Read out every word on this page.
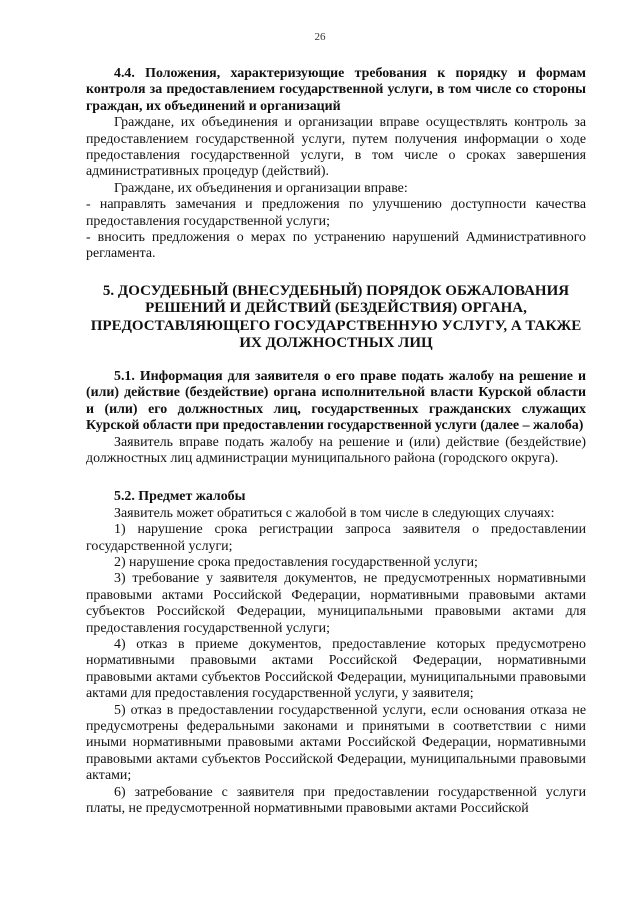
26

4.4. Положения, характеризующие требования к порядку и формам контроля за предоставлением государственной услуги, в том числе со стороны граждан, их объединений и организаций

Граждане, их объединения и организации вправе осуществлять контроль за предоставлением государственной услуги, путем получения информации о ходе предоставления государственной услуги, в том числе о сроках завершения административных процедур (действий).

Граждане, их объединения и организации вправе:

- направлять замечания и предложения по улучшению доступности качества предоставления государственной услуги;

- вносить предложения о мерах по устранению нарушений Административного регламента.

5. ДОСУДЕБНЫЙ (ВНЕСУДЕБНЫЙ) ПОРЯДОК ОБЖАЛОВАНИЯ РЕШЕНИЙ И ДЕЙСТВИЙ (БЕЗДЕЙСТВИЯ) ОРГАНА, ПРЕДОСТАВЛЯЮЩЕГО ГОСУДАРСТВЕННУЮ УСЛУГУ, А ТАКЖЕ ИХ ДОЛЖНОСТНЫХ ЛИЦ

5.1. Информация для заявителя о его праве подать жалобу на решение и (или) действие (бездействие) органа исполнительной власти Курской области и (или) его должностных лиц, государственных гражданских служащих Курской области при предоставлении государственной услуги (далее – жалоба)

Заявитель вправе подать жалобу на решение и (или) действие (бездействие) должностных лиц администрации муниципального района (городского округа).

5.2. Предмет жалобы

Заявитель может обратиться с жалобой в том числе в следующих случаях:

1) нарушение срока регистрации запроса заявителя о предоставлении государственной услуги;

2) нарушение срока предоставления государственной услуги;

3) требование у заявителя документов, не предусмотренных нормативными правовыми актами Российской Федерации, нормативными правовыми актами субъектов Российской Федерации, муниципальными правовыми актами для предоставления государственной услуги;

4) отказ в приеме документов, предоставление которых предусмотрено нормативными правовыми актами Российской Федерации, нормативными правовыми актами субъектов Российской Федерации, муниципальными правовыми актами для предоставления государственной услуги, у заявителя;

5) отказ в предоставлении государственной услуги, если основания отказа не предусмотрены федеральными законами и принятыми в соответствии с ними иными нормативными правовыми актами Российской Федерации, нормативными правовыми актами субъектов Российской Федерации, муниципальными правовыми актами;

6) затребование с заявителя при предоставлении государственной услуги платы, не предусмотренной нормативными правовыми актами Российской
